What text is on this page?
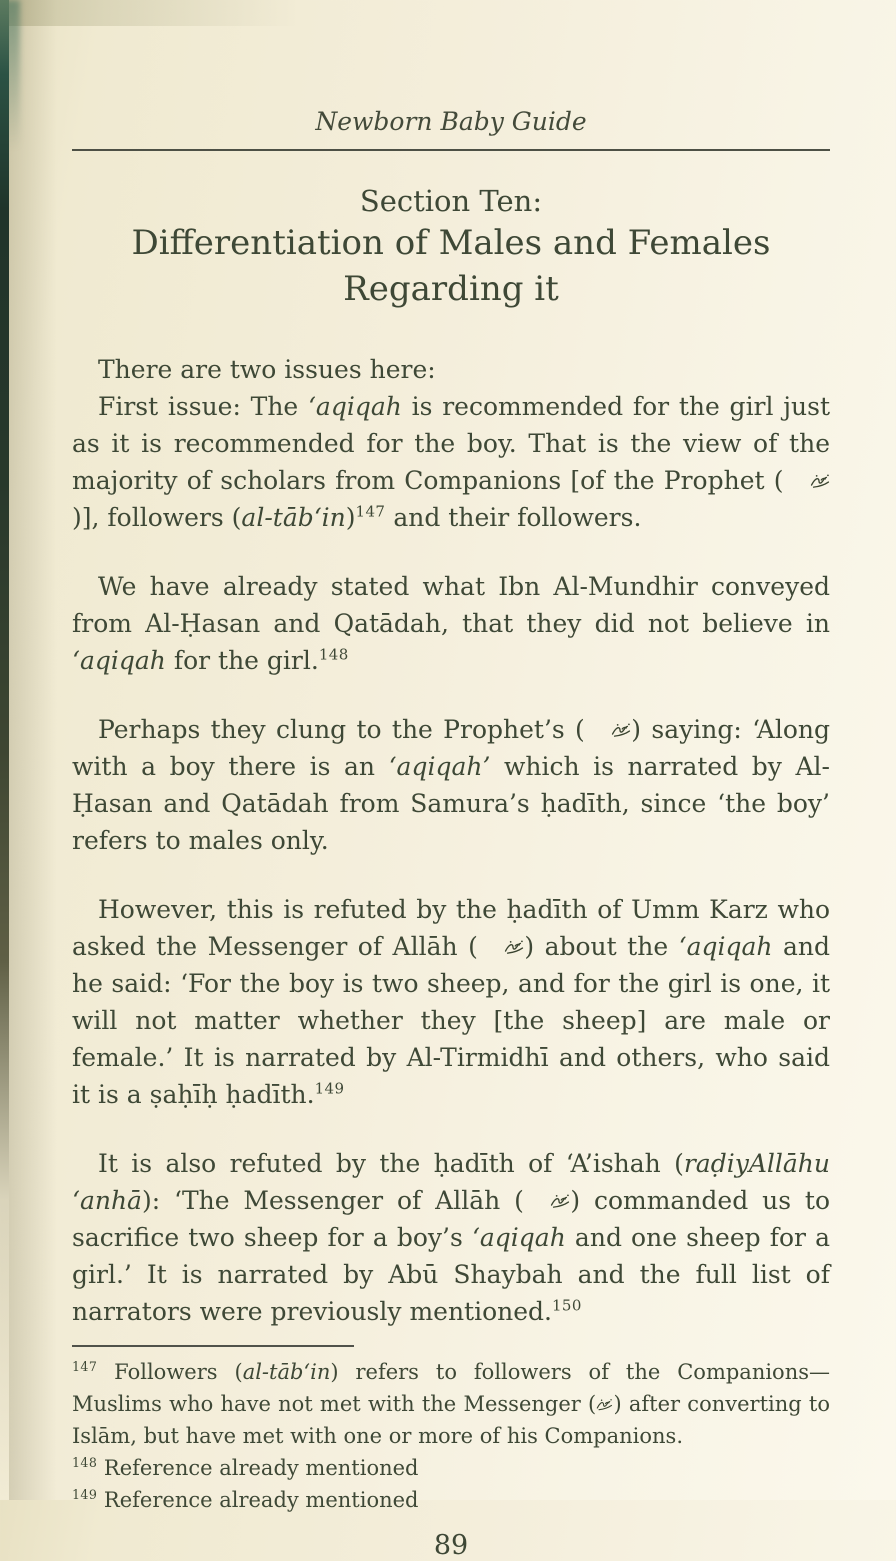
Newborn Baby Guide
Section Ten:
Differentiation of Males and Females
Regarding it

There are two issues here:

First issue: The ‘aqiqah is recommended for the girl just as it is recommended for the boy. That is the view of the majority of scholars from Companions [of the Prophet ()], followers (al-tāb‘in)$^{147}$ and their followers.

We have already stated what Ibn Al-Mundhir conveyed from Al-Ḥasan and Qatādah, that they did not believe in ‘aqiqah for the girl.$^{148}$

Perhaps they clung to the Prophet’s ( ) saying: ‘Along with a boy there is an ‘aqiqah’ which is narrated by Al-Ḥasan and Qatādah from Samura’s ḥadīth, since ‘the boy’ refers to males only.

However, this is refuted by the ḥadīth of Umm Karz who asked the Messenger of Allāh ( ) about the ‘aqiqah and he said: ‘For the boy is two sheep, and for the girl is one, it will not matter whether they [the sheep] are male or female.’ It is narrated by Al-Tirmidhī and others, who said it is a ṣaḥīḥ ḥadīth.$^{149}$

It is also refuted by the ḥadīth of ‘A’ishah (raḍiyAllāhu ‘anhā): ‘The Messenger of Allāh ( ) commanded us to sacrifice two sheep for a boy’s ‘aqiqah and one sheep for a girl.’ It is narrated by Abū Shaybah and the full list of narrators were previously mentioned.$^{150}$

$^{147}$ Followers (al-tāb‘in) refers to followers of the Companions—Muslims who have not met with the Messenger ( ) after converting to Islām, but have met with one or more of his Companions.

$^{148}$ Reference already mentioned

$^{149}$ Reference already mentioned

89
